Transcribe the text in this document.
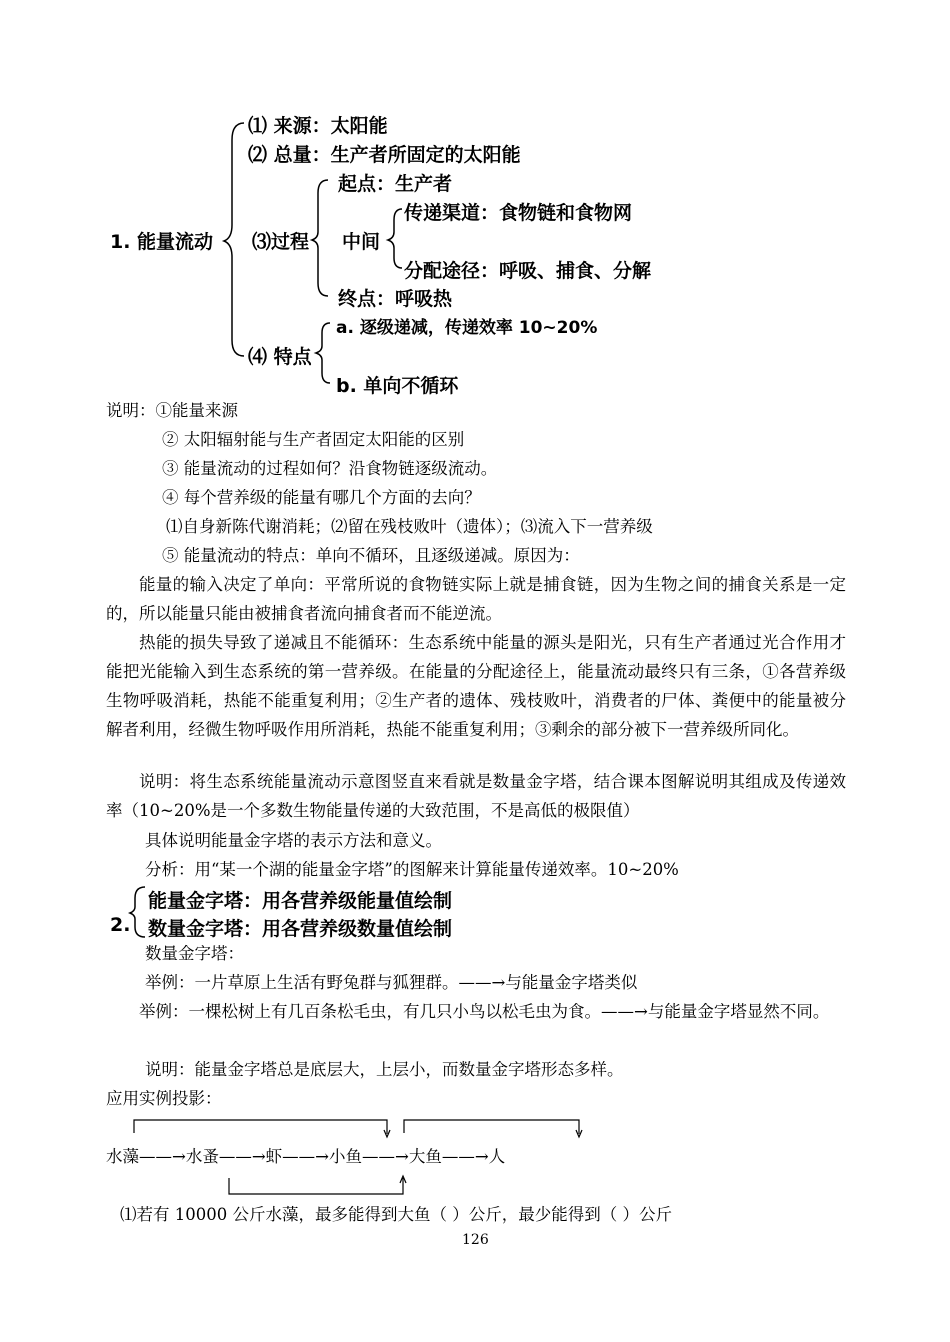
1. 能量流动
⑴ 来源：太阳能
⑵ 总量：生产者所固定的太阳能
⑶过程
起点：生产者
中间
传递渠道：食物链和食物网
分配途径：呼吸、捕食、分解
终点：呼吸热
⑷ 特点
a. 逐级递减，传递效率 10~20%
b. 单向不循环
说明：①能量来源
② 太阳辐射能与生产者固定太阳能的区别
③ 能量流动的过程如何？沿食物链逐级流动。
④ 每个营养级的能量有哪几个方面的去向？
⑴自身新陈代谢消耗；⑵留在残枝败叶（遗体）；⑶流入下一营养级
⑤ 能量流动的特点：单向不循环，且逐级递减。原因为：
能量的输入决定了单向：平常所说的食物链实际上就是捕食链，因为生物之间的捕食关系是一定的，所以能量只能由被捕食者流向捕食者而不能逆流。
热能的损失导致了递减且不能循环：生态系统中能量的源头是阳光，只有生产者通过光合作用才能把光能输入到生态系统的第一营养级。在能量的分配途径上，能量流动最终只有三条，①各营养级生物呼吸消耗，热能不能重复利用；②生产者的遗体、残枝败叶，消费者的尸体、粪便中的能量被分解者利用，经微生物呼吸作用所消耗，热能不能重复利用；③剩余的部分被下一营养级所同化。
说明：将生态系统能量流动示意图竖直来看就是数量金字塔，结合课本图解说明其组成及传递效率（10~20%是一个多数生物能量传递的大致范围，不是高低的极限值）
具体说明能量金字塔的表示方法和意义。
分析：用“某一个湖的能量金字塔”的图解来计算能量传递效率。10~20%
2.
能量金字塔：用各营养级能量值绘制
数量金字塔：用各营养级数量值绘制
数量金字塔：
举例：一片草原上生活有野兔群与狐狸群。——→与能量金字塔类似
举例：一棵松树上有几百条松毛虫，有几只小鸟以松毛虫为食。——→与能量金字塔显然不同。
说明：能量金字塔总是底层大，上层小，而数量金字塔形态多样。
应用实例投影：
水藻——→水蚤——→虾——→小鱼——→大鱼——→人
⑴若有 10000 公斤水藻，最多能得到大鱼（ ）公斤，最少能得到（ ）公斤
126
